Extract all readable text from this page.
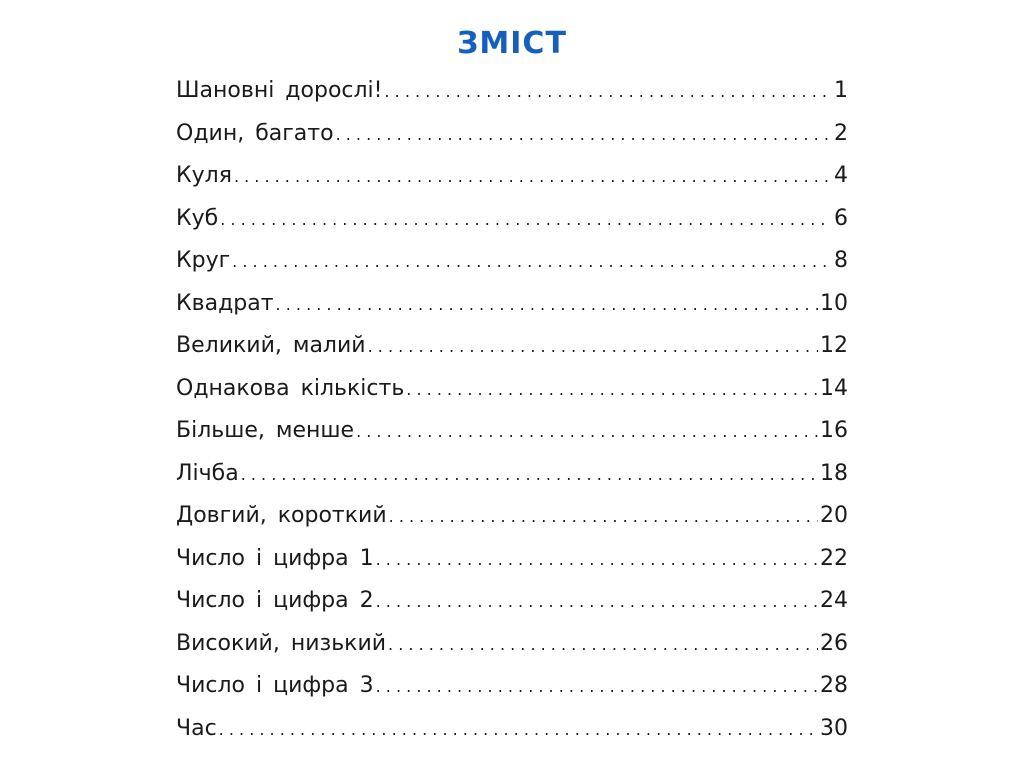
ЗМІСТ
Шановні дорослі! . . .	1
Один, багато . . .	2
Куля . . .	4
Куб . . .	6
Круг . . .	8
Квадрат . . .	10
Великий, малий . . .	12
Однакова кількість . . .	14
Більше, менше . . .	16
Лічба . . .	18
Довгий, короткий . . .	20
Число і цифра 1 . . .	22
Число і цифра 2 . . .	24
Високий, низький . . .	26
Число і цифра 3 . . .	28
Час . . .	30
